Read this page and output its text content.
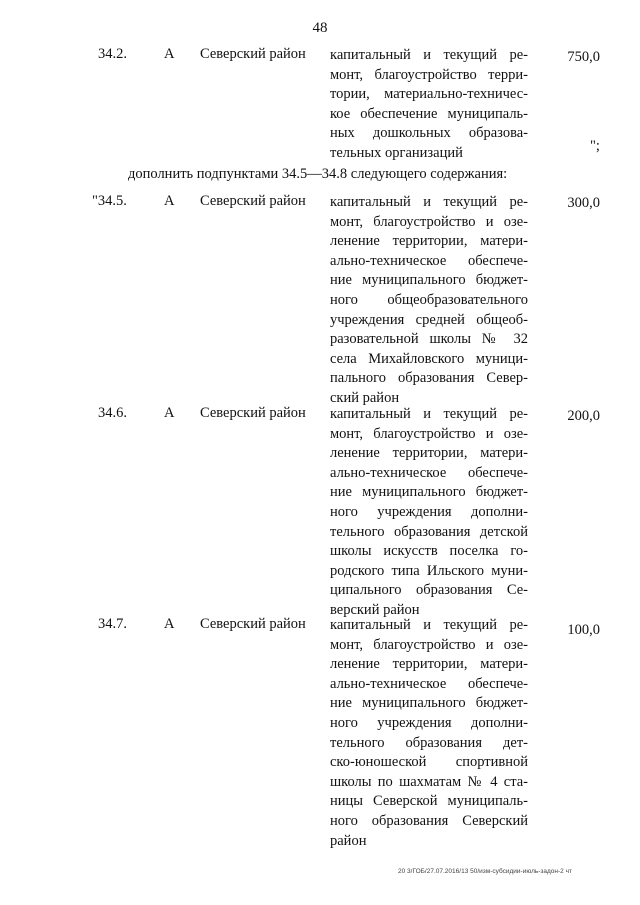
48
34.2.	А Северский район капитальный и текущий ре-
монт, благоустройство терри-
тории, материально-техничес-
кое обеспечение муниципаль-
ных дошкольных образова-
тельных организаций
750,0
";
дополнить подпунктами 34.5—34.8 следующего содержания:
"34.5.	А Северский район капитальный и текущий ре-
монт, благоустройство и озе-
ленение территории, матери-
ально-техническое обеспече-
ние муниципального бюджет-
ного общеобразовательного
учреждения средней общеоб-
разовательной школы № 32
села Михайловского муници-
пального образования Север-
ский район
300,0
34.6.	А Северский район капитальный и текущий ре-
монт, благоустройство и озе-
ленение территории, матери-
ально-техническое обеспече-
ние муниципального бюджет-
ного учреждения дополни-
тельного образования детской
школы искусств поселка го-
родского типа Ильского муни-
ципального образования Се-
верский район
200,0
34.7.	А Северский район капитальный и текущий ре-
монт, благоустройство и озе-
ленение территории, матери-
ально-техническое обеспече-
ние муниципального бюджет-
ного учреждения дополни-
тельного образования дет-
ско-юношеской спортивной
школы по шахматам № 4 ста-
ницы Северской муниципаль-
ного образования Северский
район
100,0
20 3/ГОБ/27.07.2016/13 50/изм-субсидии-июль-задон-2 чт
